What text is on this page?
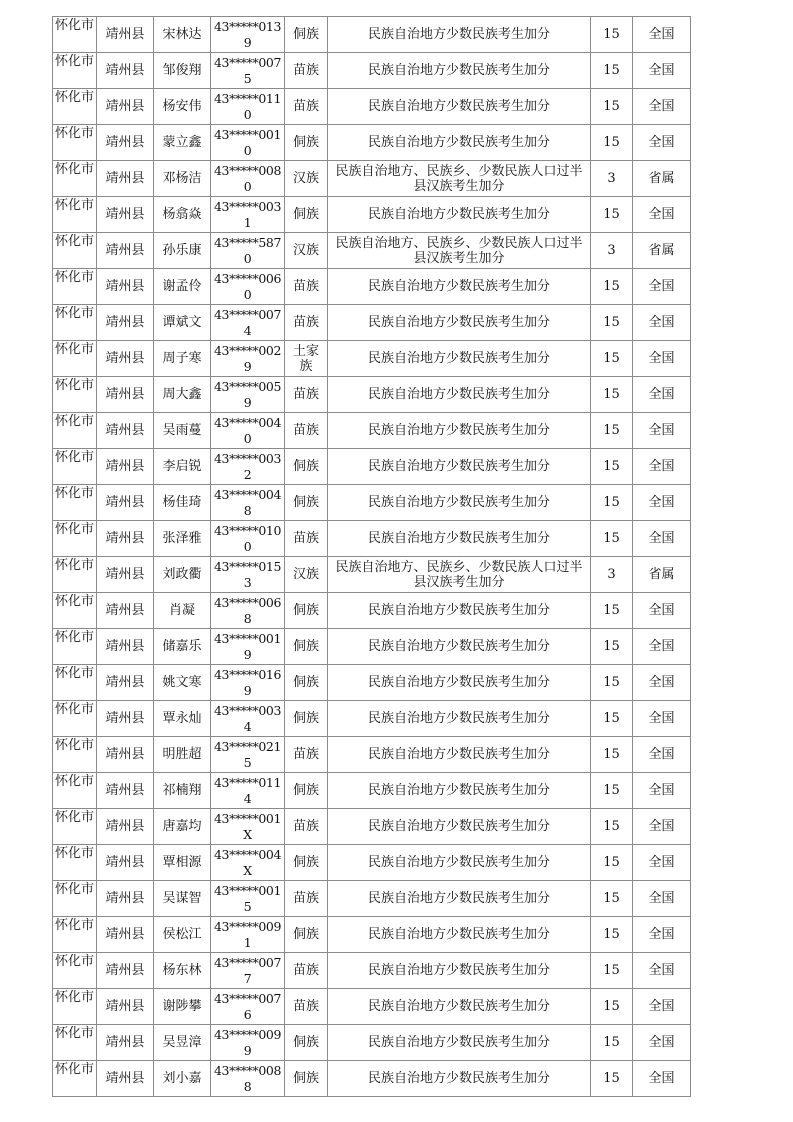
怀化市	靖州县	宋林达	43*****0139	侗族	民族自治地方少数民族考生加分	15	全国
怀化市	靖州县	邹俊翔	43*****0075	苗族	民族自治地方少数民族考生加分	15	全国
怀化市	靖州县	杨安伟	43*****0110	苗族	民族自治地方少数民族考生加分	15	全国
怀化市	靖州县	蒙立鑫	43*****0010	侗族	民族自治地方少数民族考生加分	15	全国
怀化市	靖州县	邓杨洁	43*****0080	汉族	民族自治地方、民族乡、少数民族人口过半县汉族考生加分	3	省属
怀化市	靖州县	杨翕焱	43*****0031	侗族	民族自治地方少数民族考生加分	15	全国
怀化市	靖州县	孙乐康	43*****5870	汉族	民族自治地方、民族乡、少数民族人口过半县汉族考生加分	3	省属
怀化市	靖州县	谢孟伶	43*****0060	苗族	民族自治地方少数民族考生加分	15	全国
怀化市	靖州县	谭斌文	43*****0074	苗族	民族自治地方少数民族考生加分	15	全国
怀化市	靖州县	周子寒	43*****0029	土家族	民族自治地方少数民族考生加分	15	全国
怀化市	靖州县	周大鑫	43*****0059	苗族	民族自治地方少数民族考生加分	15	全国
怀化市	靖州县	吴雨蔓	43*****0040	苗族	民族自治地方少数民族考生加分	15	全国
怀化市	靖州县	李启锐	43*****0032	侗族	民族自治地方少数民族考生加分	15	全国
怀化市	靖州县	杨佳琦	43*****0048	侗族	民族自治地方少数民族考生加分	15	全国
怀化市	靖州县	张泽雅	43*****0100	苗族	民族自治地方少数民族考生加分	15	全国
怀化市	靖州县	刘政衢	43*****0153	汉族	民族自治地方、民族乡、少数民族人口过半县汉族考生加分	3	省属
怀化市	靖州县	肖凝	43*****0068	侗族	民族自治地方少数民族考生加分	15	全国
怀化市	靖州县	储嘉乐	43*****0019	侗族	民族自治地方少数民族考生加分	15	全国
怀化市	靖州县	姚文寒	43*****0169	侗族	民族自治地方少数民族考生加分	15	全国
怀化市	靖州县	覃永灿	43*****0034	侗族	民族自治地方少数民族考生加分	15	全国
怀化市	靖州县	明胜超	43*****0215	苗族	民族自治地方少数民族考生加分	15	全国
怀化市	靖州县	祁楠翔	43*****0114	侗族	民族自治地方少数民族考生加分	15	全国
怀化市	靖州县	唐嘉均	43*****001X	苗族	民族自治地方少数民族考生加分	15	全国
怀化市	靖州县	覃相源	43*****004X	侗族	民族自治地方少数民族考生加分	15	全国
怀化市	靖州县	吴谋智	43*****0015	苗族	民族自治地方少数民族考生加分	15	全国
怀化市	靖州县	侯松江	43*****0091	侗族	民族自治地方少数民族考生加分	15	全国
怀化市	靖州县	杨东林	43*****0077	苗族	民族自治地方少数民族考生加分	15	全国
怀化市	靖州县	谢陟攀	43*****0076	苗族	民族自治地方少数民族考生加分	15	全国
怀化市	靖州县	吴昱漳	43*****0099	侗族	民族自治地方少数民族考生加分	15	全国
怀化市	靖州县	刘小嘉	43*****0088	侗族	民族自治地方少数民族考生加分	15	全国
